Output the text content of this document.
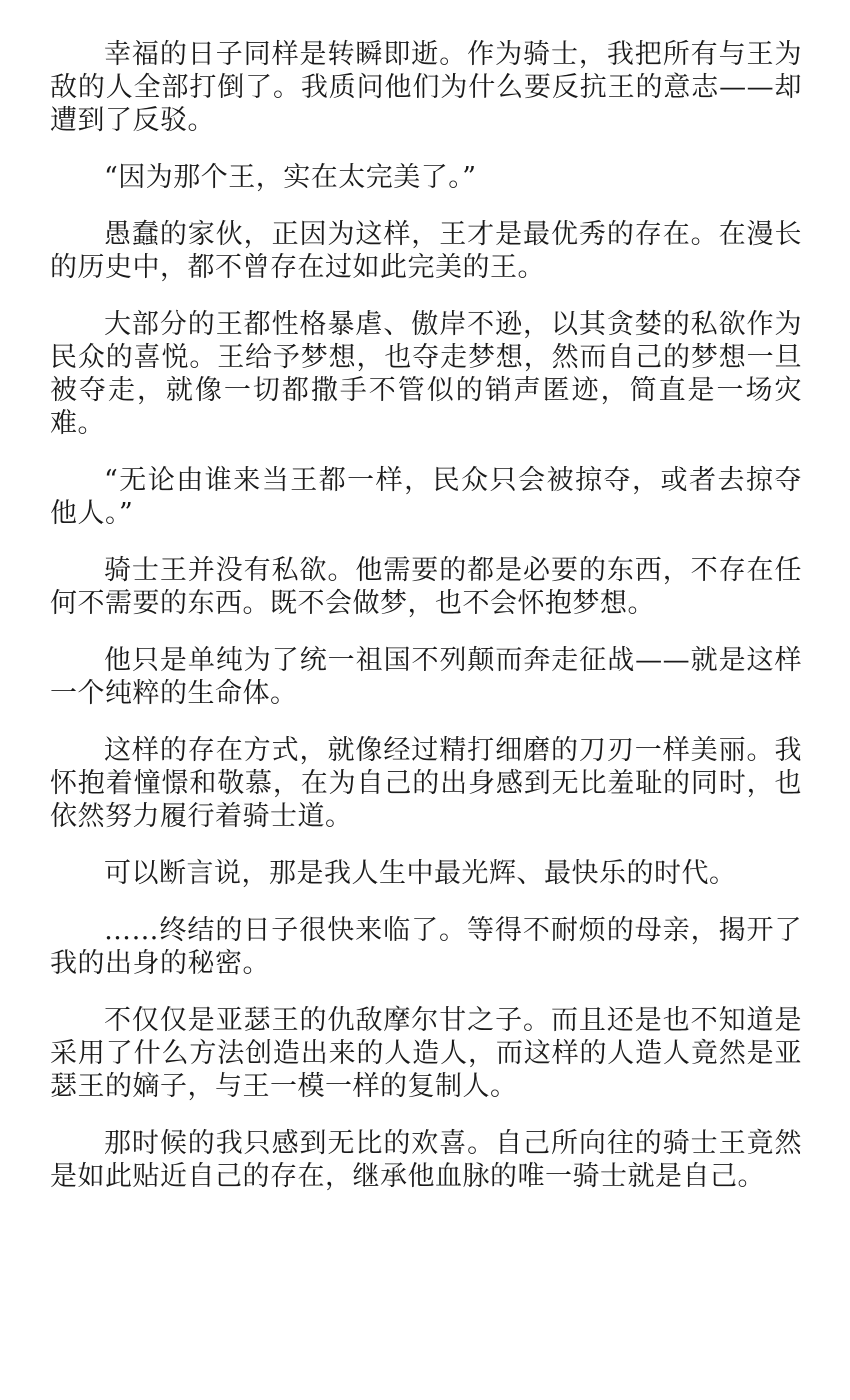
幸福的日子同样是转瞬即逝。作为骑士，我把所有与王为敌的人全部打倒了。我质问他们为什么要反抗王的意志——却遭到了反驳。

“因为那个王，实在太完美了。”

愚蠢的家伙，正因为这样，王才是最优秀的存在。在漫长的历史中，都不曾存在过如此完美的王。

大部分的王都性格暴虐、傲岸不逊，以其贪婪的私欲作为民众的喜悦。王给予梦想，也夺走梦想，然而自己的梦想一旦被夺走，就像一切都撒手不管似的销声匿迹，简直是一场灾难。

“无论由谁来当王都一样，民众只会被掠夺，或者去掠夺他人。”

骑士王并没有私欲。他需要的都是必要的东西，不存在任何不需要的东西。既不会做梦，也不会怀抱梦想。

他只是单纯为了统一祖国不列颠而奔走征战——就是这样一个纯粹的生命体。

这样的存在方式，就像经过精打细磨的刀刃一样美丽。我怀抱着憧憬和敬慕，在为自己的出身感到无比羞耻的同时，也依然努力履行着骑士道。

可以断言说，那是我人生中最光辉、最快乐的时代。

……终结的日子很快来临了。等得不耐烦的母亲，揭开了我的出身的秘密。

不仅仅是亚瑟王的仇敌摩尔甘之子。而且还是也不知道是采用了什么方法创造出来的人造人，而这样的人造人竟然是亚瑟王的嫡子，与王一模一样的复制人。

那时候的我只感到无比的欢喜。自己所向往的骑士王竟然是如此贴近自己的存在，继承他血脉的唯一骑士就是自己。
